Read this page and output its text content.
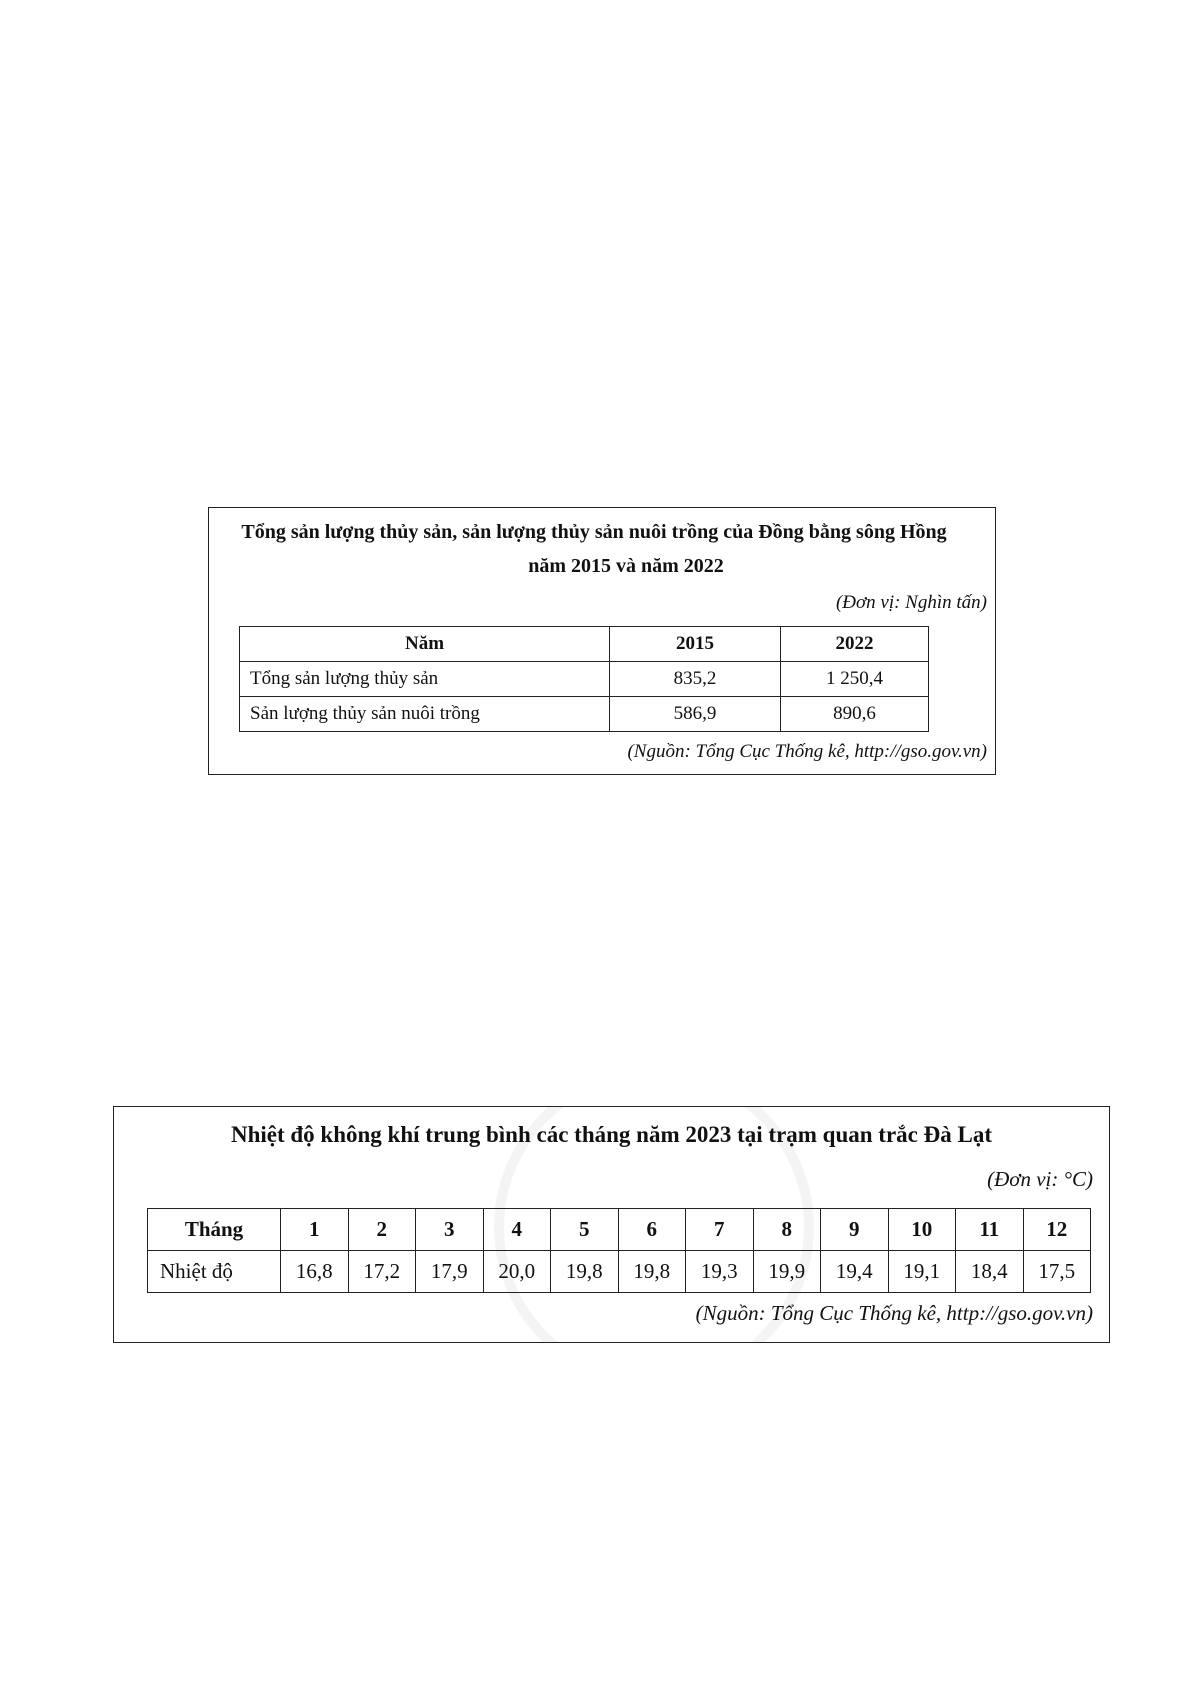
Tổng sản lượng thủy sản, sản lượng thủy sản nuôi trồng của Đồng bằng sông Hồng
năm 2015 và năm 2022
(Đơn vị: Nghìn tấn)
Năm	2015	2022
Tổng sản lượng thủy sản	835,2	1 250,4
Sản lượng thủy sản nuôi trồng	586,9	890,6
(Nguồn: Tổng Cục Thống kê, http://gso.gov.vn)
Nhiệt độ không khí trung bình các tháng năm 2023 tại trạm quan trắc Đà Lạt
(Đơn vị: °C)
Tháng	1	2	3	4	5	6	7	8	9	10	11	12
Nhiệt độ	16,8	17,2	17,9	20,0	19,8	19,8	19,3	19,9	19,4	19,1	18,4	17,5
(Nguồn: Tổng Cục Thống kê, http://gso.gov.vn)
